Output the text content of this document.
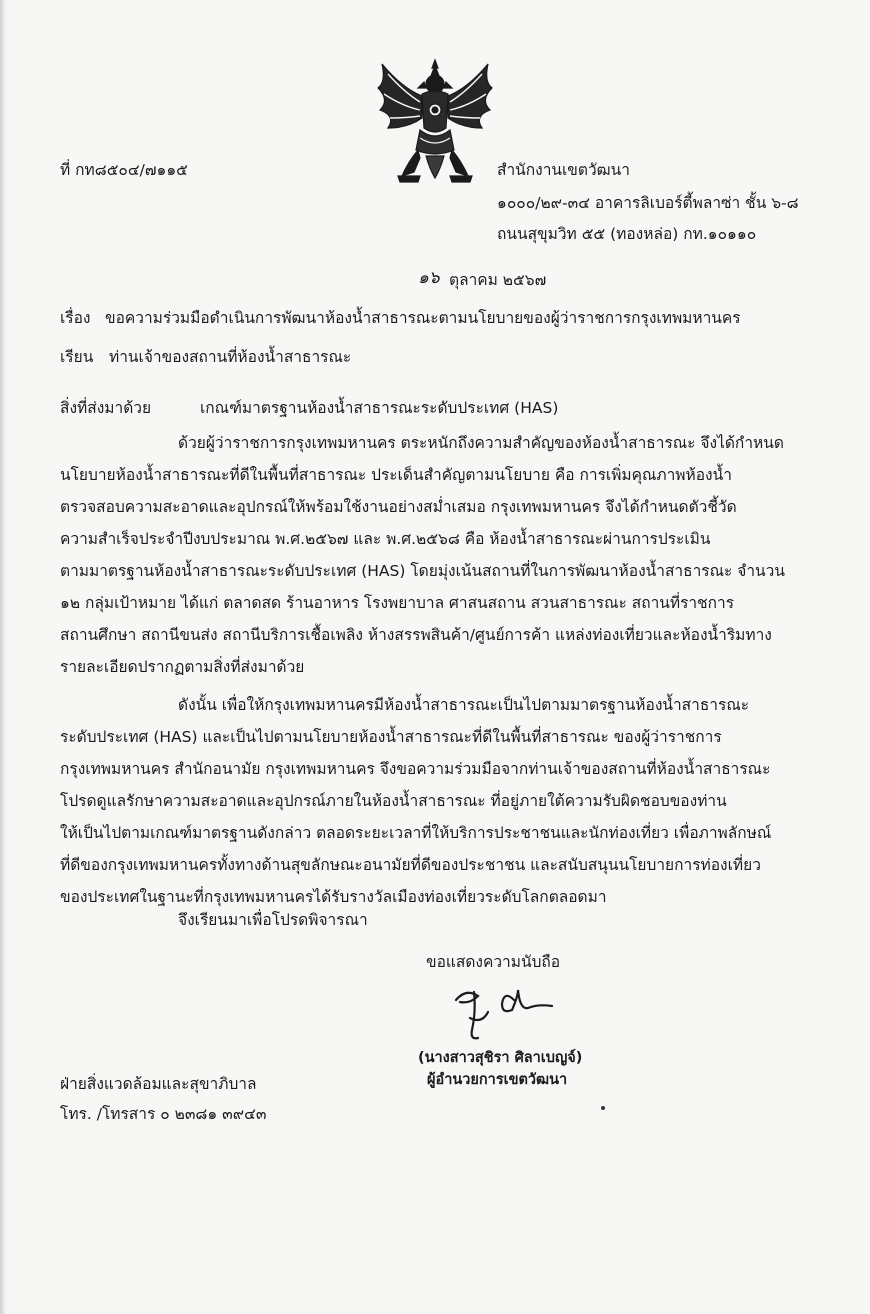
ที่ กท๘๕๐๔/๗๑๑๕	สำนักงานเขตวัฒนา
๑๐๐๐/๒๙-๓๔ อาคารลิเบอร์ตี้พลาซ่า ชั้น ๖-๘
ถนนสุขุมวิท ๕๕ (ทองหล่อ) กท.๑๐๑๑๐
๑๖ ตุลาคม ๒๕๖๗
เรื่อง ขอความร่วมมือดำเนินการพัฒนาห้องน้ำสาธารณะตามนโยบายของผู้ว่าราชการกรุงเทพมหานคร
เรียน ท่านเจ้าของสถานที่ห้องน้ำสาธารณะ
สิ่งที่ส่งมาด้วย	เกณฑ์มาตรฐานห้องน้ำสาธารณะระดับประเทศ (HAS)
ด้วยผู้ว่าราชการกรุงเทพมหานคร ตระหนักถึงความสำคัญของห้องน้ำสาธารณะ จึงได้กำหนด
นโยบายห้องน้ำสาธารณะที่ดีในพื้นที่สาธารณะ ประเด็นสำคัญตามนโยบาย คือ การเพิ่มคุณภาพห้องน้ำ
ตรวจสอบความสะอาดและอุปกรณ์ให้พร้อมใช้งานอย่างสม่ำเสมอ กรุงเทพมหานคร จึงได้กำหนดตัวชี้วัด
ความสำเร็จประจำปีงบประมาณ พ.ศ.๒๕๖๗ และ พ.ศ.๒๕๖๘ คือ ห้องน้ำสาธารณะผ่านการประเมิน
ตามมาตรฐานห้องน้ำสาธารณะระดับประเทศ (HAS) โดยมุ่งเน้นสถานที่ในการพัฒนาห้องน้ำสาธารณะ จำนวน
๑๒ กลุ่มเป้าหมาย ได้แก่ ตลาดสด ร้านอาหาร โรงพยาบาล ศาสนสถาน สวนสาธารณะ สถานที่ราชการ
สถานศึกษา สถานีขนส่ง สถานีบริการเชื้อเพลิง ห้างสรรพสินค้า/ศูนย์การค้า แหล่งท่องเที่ยวและห้องน้ำริมทาง
รายละเอียดปรากฏตามสิ่งที่ส่งมาด้วย
ดังนั้น เพื่อให้กรุงเทพมหานครมีห้องน้ำสาธารณะเป็นไปตามมาตรฐานห้องน้ำสาธารณะ
ระดับประเทศ (HAS) และเป็นไปตามนโยบายห้องน้ำสาธารณะที่ดีในพื้นที่สาธารณะ ของผู้ว่าราชการ
กรุงเทพมหานคร สำนักอนามัย กรุงเทพมหานคร จึงขอความร่วมมือจากท่านเจ้าของสถานที่ห้องน้ำสาธารณะ
โปรดดูแลรักษาความสะอาดและอุปกรณ์ภายในห้องน้ำสาธารณะ ที่อยู่ภายใต้ความรับผิดชอบของท่าน
ให้เป็นไปตามเกณฑ์มาตรฐานดังกล่าว ตลอดระยะเวลาที่ให้บริการประชาชนและนักท่องเที่ยว เพื่อภาพลักษณ์
ที่ดีของกรุงเทพมหานครทั้งทางด้านสุขลักษณะอนามัยที่ดีของประชาชน และสนับสนุนนโยบายการท่องเที่ยว
ของประเทศในฐานะที่กรุงเทพมหานครได้รับรางวัลเมืองท่องเที่ยวระดับโลกตลอดมา
จึงเรียนมาเพื่อโปรดพิจารณา
ขอแสดงความนับถือ
(นางสาวสุชิรา ศิลาเบญจ์)
ผู้อำนวยการเขตวัฒนา
ฝ่ายสิ่งแวดล้อมและสุขาภิบาล
โทร. /โทรสาร ๐ ๒๓๘๑ ๓๙๔๓
